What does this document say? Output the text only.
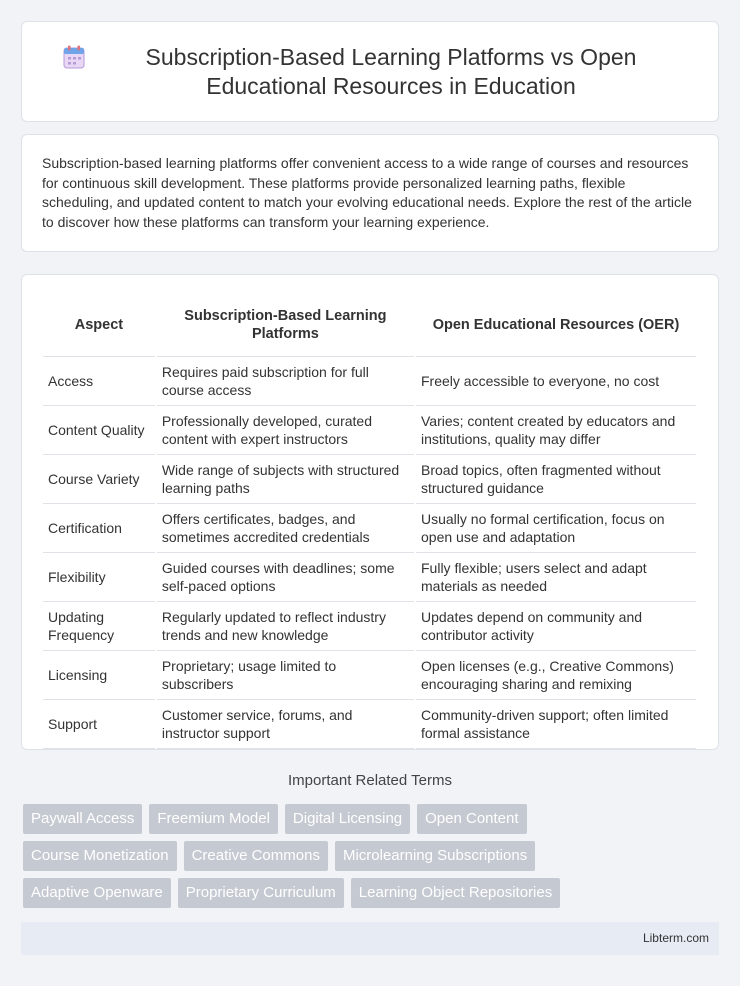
Subscription-Based Learning Platforms vs Open Educational Resources in Education

Subscription-based learning platforms offer convenient access to a wide range of courses and resources for continuous skill development. These platforms provide personalized learning paths, flexible scheduling, and updated content to match your evolving educational needs. Explore the rest of the article to discover how these platforms can transform your learning experience.

Aspect	Subscription-Based Learning Platforms	Open Educational Resources (OER)
Access	Requires paid subscription for full course access	Freely accessible to everyone, no cost
Content Quality	Professionally developed, curated content with expert instructors	Varies; content created by educators and institutions, quality may differ
Course Variety	Wide range of subjects with structured learning paths	Broad topics, often fragmented without structured guidance
Certification	Offers certificates, badges, and sometimes accredited credentials	Usually no formal certification, focus on open use and adaptation
Flexibility	Guided courses with deadlines; some self-paced options	Fully flexible; users select and adapt materials as needed
Updating Frequency	Regularly updated to reflect industry trends and new knowledge	Updates depend on community and contributor activity
Licensing	Proprietary; usage limited to subscribers	Open licenses (e.g., Creative Commons) encouraging sharing and remixing
Support	Customer service, forums, and instructor support	Community-driven support; often limited formal assistance
Important Related Terms
Paywall Access	Freemium Model	Digital Licensing	Open Content
Course Monetization	Creative Commons	Microlearning Subscriptions
Adaptive Openware	Proprietary Curriculum	Learning Object Repositories
Libterm.com
